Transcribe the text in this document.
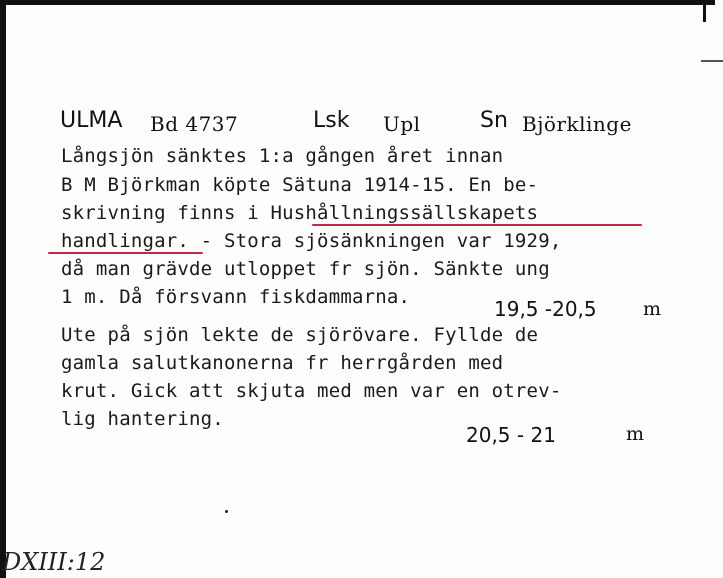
ULMA Bd 4737	Lsk Upl	Sn Björklinge
Långsjön sänktes 1:a gången året innan
B M Björkman köpte Sätuna 1914-15. En be-
skrivning finns i Hushållningssällskapets
handlingar. - Stora sjösänkningen var 1929,
då man grävde utloppet fr sjön. Sänkte ung
1 m. Då försvann fiskdammarna.	19,5 -20,5 m
Ute på sjön lekte de sjörövare. Fyllde de
gamla salutkanonerna fr herrgården med
krut. Gick att skjuta med men var en otrev-
lig hantering.
20,5 - 21	m
DXIII:12
